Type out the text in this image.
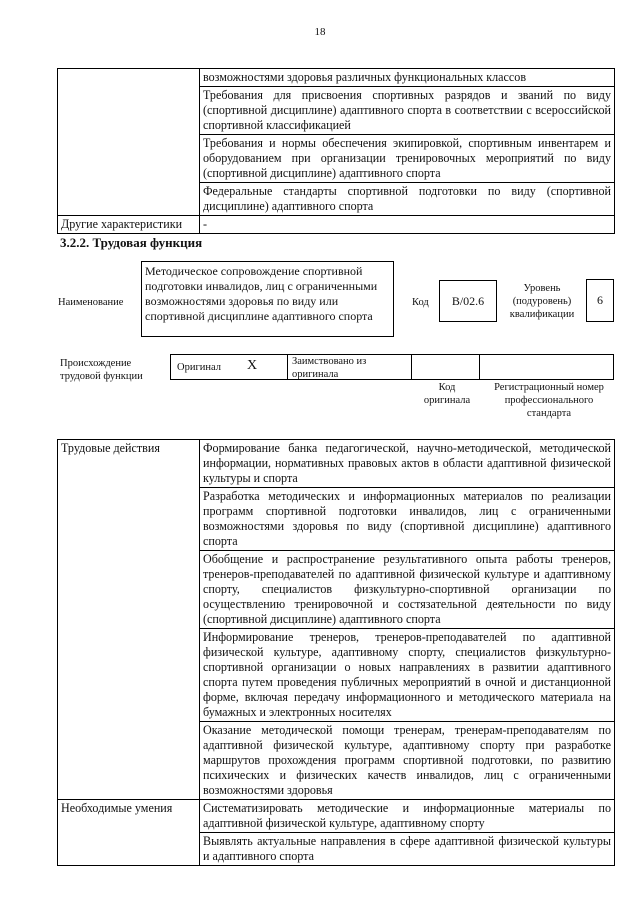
18
	возможностями здоровья различных функциональных классов
	Требования для присвоения спортивных разрядов и званий по виду (спортивной дисциплине) адаптивного спорта в соответствии с всероссийской спортивной классификацией
	Требования и нормы обеспечения экипировкой, спортивным инвентарем и оборудованием при организации тренировочных мероприятий по виду (спортивной дисциплине) адаптивного спорта
	Федеральные стандарты спортивной подготовки по виду (спортивной дисциплине) адаптивного спорта
Другие характеристики	-
3.2.2. Трудовая функция
Наименование
Методическое сопровождение спортивной подготовки инвалидов, лиц с ограниченными возможностями здоровья по виду или спортивной дисциплине адаптивного спорта
Код	B/02.6
Уровень (подуровень) квалификации
6
Происхождение трудовой функции
Оригинал X	Заимствовано из оригинала
Код оригинала
Регистрационный номер профессионального стандарта
Трудовые действия	Формирование банка педагогической, научно-методической, методической информации, нормативных правовых актов в области адаптивной физической культуры и спорта
	Разработка методических и информационных материалов по реализации программ спортивной подготовки инвалидов, лиц с ограниченными возможностями здоровья по виду (спортивной дисциплине) адаптивного спорта
	Обобщение и распространение результативного опыта работы тренеров, тренеров-преподавателей по адаптивной физической культуре и адаптивному спорту, специалистов физкультурно-спортивной организации по осуществлению тренировочной и состязательной деятельности по виду (спортивной дисциплине) адаптивного спорта
	Информирование тренеров, тренеров-преподавателей по адаптивной физической культуре, адаптивному спорту, специалистов физкультурно-спортивной организации о новых направлениях в развитии адаптивного спорта путем проведения публичных мероприятий в очной и дистанционной форме, включая передачу информационного и методического материала на бумажных и электронных носителях
	Оказание методической помощи тренерам, тренерам-преподавателям по адаптивной физической культуре, адаптивному спорту при разработке маршрутов прохождения программ спортивной подготовки, по развитию психических и физических качеств инвалидов, лиц с ограниченными возможностями здоровья
Необходимые умения	Систематизировать методические и информационные материалы по адаптивной физической культуре, адаптивному спорту
	Выявлять актуальные направления в сфере адаптивной физической культуры и адаптивного спорта
